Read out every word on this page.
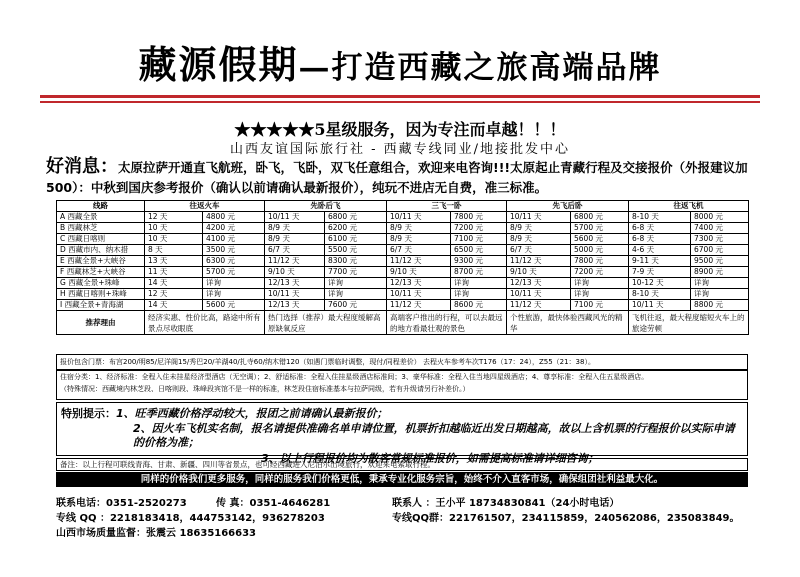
藏源假期—打造西藏之旅高端品牌
★★★★★5星级服务，因为专注而卓越！！！
山西友谊国际旅行社 - 西藏专线同业/地接批发中心
好消息：太原拉萨开通直飞航班，卧飞，飞卧，双飞任意组合，欢迎来电咨询!!!太原起止青藏行程及交接报价（外报建议加500）：中秋到国庆参考报价（确认以前请确认最新报价），纯玩不进店无自费，准三标准。
线路	往返火车		先卧后飞		三飞一卧		先飞后卧		往返飞机	
A 西藏全景	12 天	4800 元	10/11 天	6800 元	10/11 天	7800 元	10/11 天	6800 元	8-10 天	8000 元
B 西藏林芝	10 天	4200 元	8/9 天	6200 元	8/9 天	7200 元	8/9 天	5700 元	6-8 天	7400 元
C 西藏日喀则	10 天	4100 元	8/9 天	6100 元	8/9 天	7100 元	8/9 天	5600 元	6-8 天	7300 元
D 西藏市内、纳木措	8 天	3500 元	6/7 天	5500 元	6/7 天	6500 元	6/7 天	5000 元	4-6 天	6700 元
E 西藏全景+大峡谷	13 天	6300 元	11/12 天	8300 元	11/12 天	9300 元	11/12 天	7800 元	9-11 天	9500 元
F 西藏林芝+大峡谷	11 天	5700 元	9/10 天	7700 元	9/10 天	8700 元	9/10 天	7200 元	7-9 天	8900 元
G 西藏全景+珠峰	14 天	详询	12/13 天	详询	12/13 天	详询	12/13 天	详询	10-12 天	详询
H 西藏日喀则+珠峰	12 天	详询	10/11 天	详询	10/11 天	详询	10/11 天	详询	8-10 天	详询
I 西藏全景+青海湖	14 天	5600 元	12/13 天	7600 元	11/12 天	8600 元	11/12 天	7100 元	10/11 天	8800 元
推荐理由	经济实惠、性价比高，路途中所有景点尽收眼底		热门选择（推荐）最大程度缓解高原缺氧反应		高端客户推出的行程，可以去最远的地方看最壮观的景色		个性旅游，最快体验西藏风光的精华		飞机往返，最大程度缩短火车上的旅途劳顿	
报价包含门票：布宫200/明85/尼洋阁15/秀巴20/羊湖40/扎寺60/纳木错120（如遇门票临时调整，现付/同程差价） 去程火车参考车次T176（17：24），Z55（21：38）。
住宿分类：1、经济标准：全程入住未挂星经济型酒店（无空调）；2、舒适标准：全程入住挂星级酒店标准间；3、豪华标准：全程入住当地四星级酒店；4、尊享标准：全程入住五星级酒店。
（特殊情况：西藏境内林芝段、日喀则段、珠峰段宾馆不是一样的标准，林芝段住宿标准基本与拉萨同级，若有升级请另行补差价。）
特别提示：1、旺季西藏价格浮动较大，报团之前请确认最新报价；
2、因火车飞机实名制，报名请提供准确名单申请位置，机票折扣越临近出发日期越高，故以上含机票的行程报价以实际申请的价格为准；
3、以上行程报价均为散客常规标准报价，如需提高标准请详细咨询；
备注：以上行程可联线青海、甘肃、新疆、四川等省景点，也可经西藏进入尼泊尔出境旅行，欢迎来电索取行程。
同样的价格我们更多服务，同样的服务我们价格更低，秉承专业化服务宗旨，始终不介入直客市场，确保组团社利益最大化。
联系电话：0351-2520273	传 真：0351-4646281	联系人 ：王小平 18734830841（24小时电话）
专线 QQ ：2218183418，444753142，936278203	专线QQ群：221761507，234115859，240562086，235083849。
山西市场质量监督：张震云 18635166633
